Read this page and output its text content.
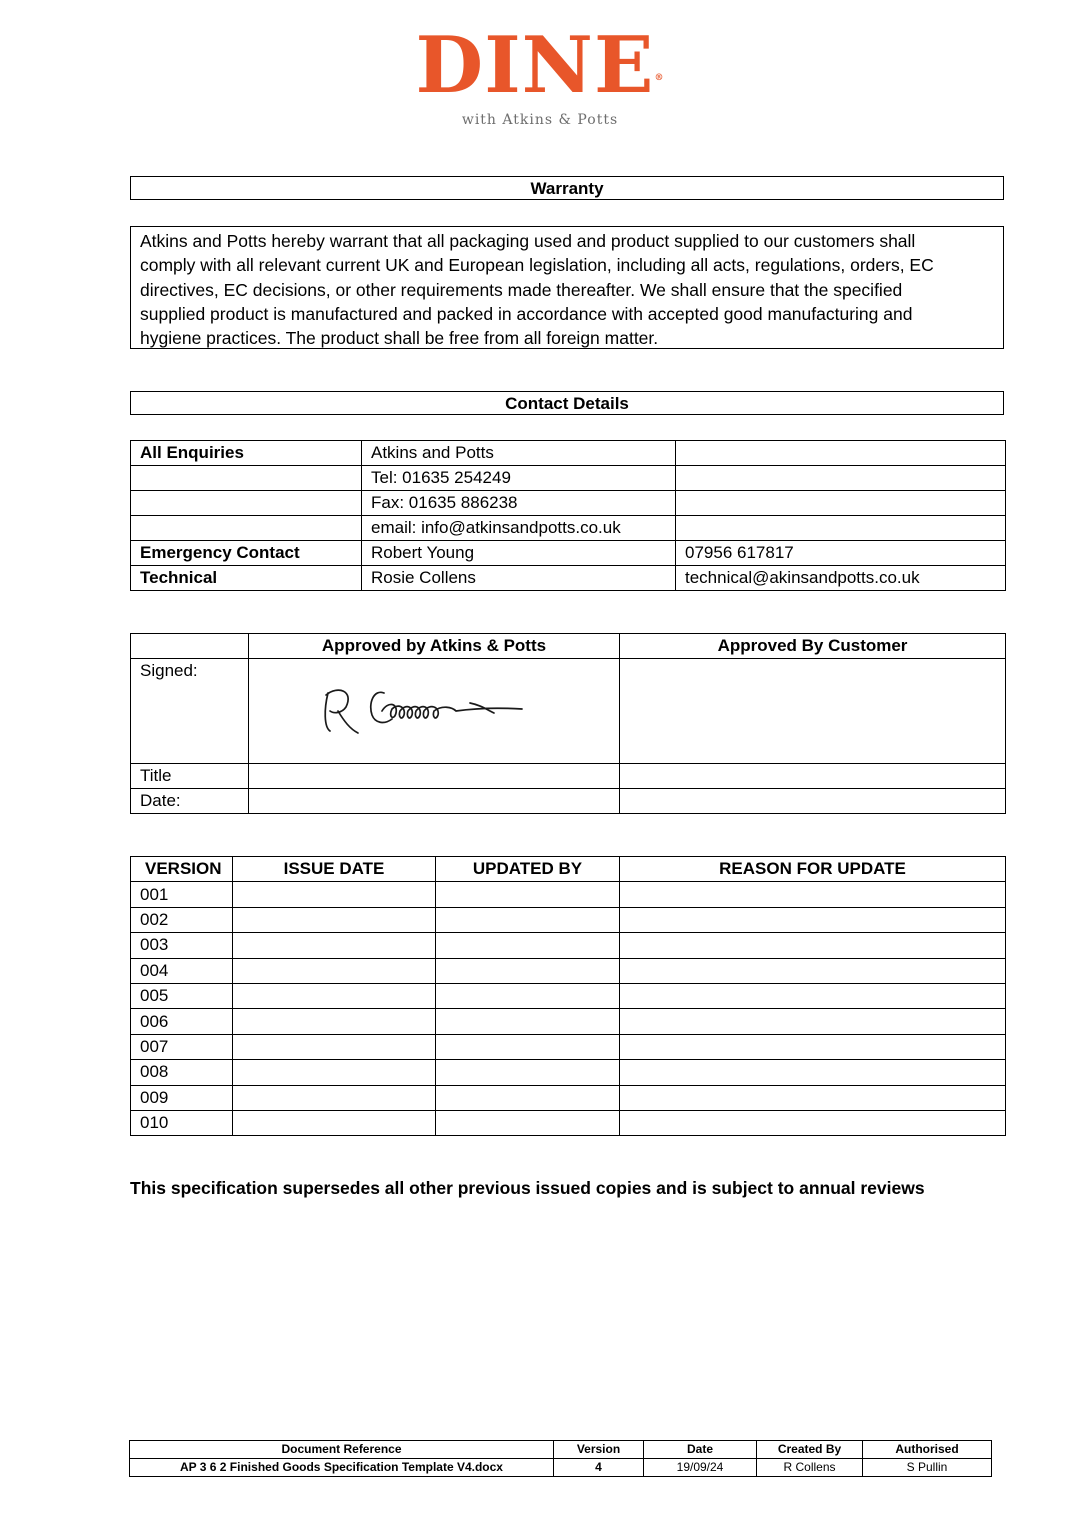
DINE®
with Atkins & Potts
Warranty
Atkins and Potts hereby warrant that all packaging used and product supplied to our customers shall
comply with all relevant current UK and European legislation, including all acts, regulations, orders, EC
directives, EC decisions, or other requirements made thereafter. We shall ensure that the specified
supplied product is manufactured and packed in accordance with accepted good manufacturing and
hygiene practices. The product shall be free from all foreign matter.
Contact Details
All Enquiries	Atkins and Potts	
	Tel: 01635 254249	
	Fax: 01635 886238	
	email: info@atkinsandpotts.co.uk	
Emergency Contact	Robert Young	07956 617817
Technical	Rosie Collens	technical@akinsandpotts.co.uk
	Approved by Atkins & Potts	Approved By Customer
Signed:		
Title		
Date:		
VERSION	ISSUE DATE	UPDATED BY	REASON FOR UPDATE
001			
002			
003			
004			
005			
006			
007			
008			
009			
010			
This specification supersedes all other previous issued copies and is subject to annual reviews
Document Reference	Version	Date	Created By	Authorised
AP 3 6 2 Finished Goods Specification Template V4.docx	4	19/09/24	R Collens	S Pullin
